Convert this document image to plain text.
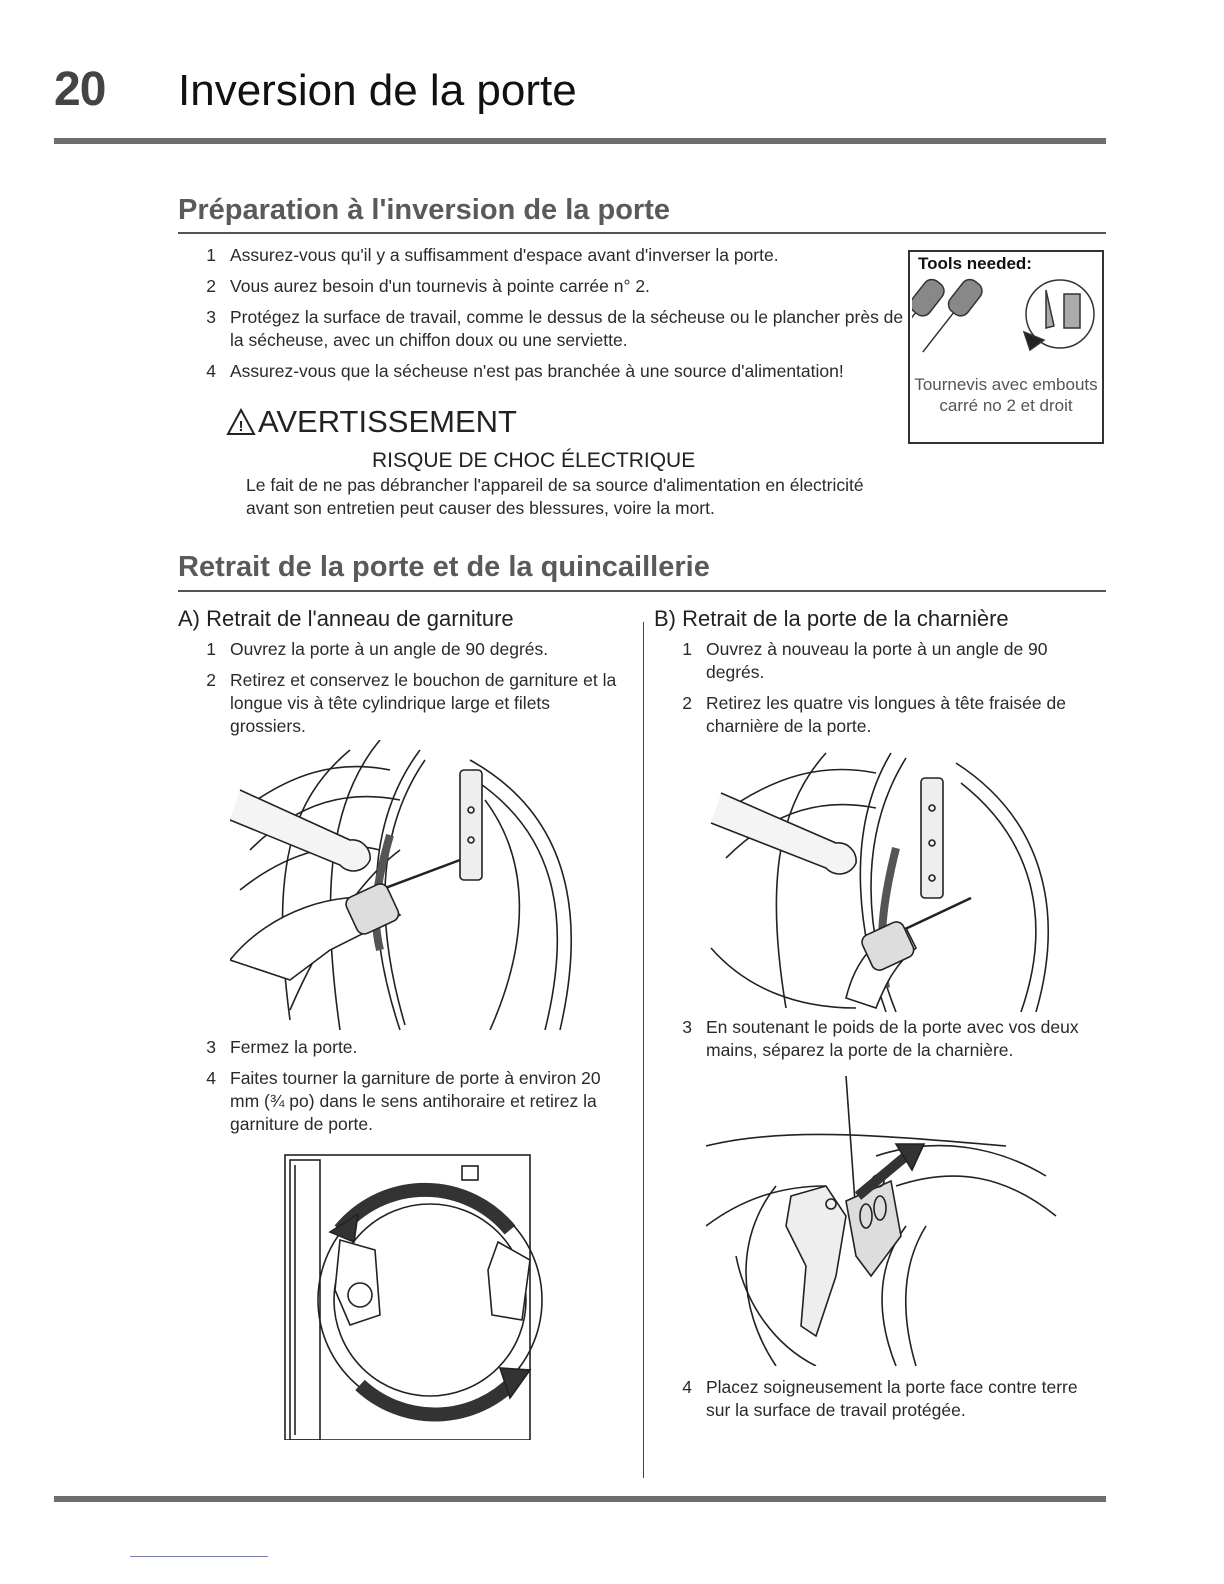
20 Inversion de la porte
Préparation à l'inversion de la porte
1 Assurez-vous qu'il y a suffisamment d'espace avant d'inverser la porte.
2 Vous aurez besoin d'un tournevis à pointe carrée n° 2.
3 Protégez la surface de travail, comme le dessus de la sécheuse ou le plancher près de la sécheuse, avec un chiffon doux ou une serviette.
4 Assurez-vous que la sécheuse n'est pas branchée à une source d'alimentation!
Tools needed:
Tournevis avec embouts carré no 2 et droit
! AVERTISSEMENT
RISQUE DE CHOC ÉLECTRIQUE
Le fait de ne pas débrancher l'appareil de sa source d'alimentation en électricité avant son entretien peut causer des blessures, voire la mort.
Retrait de la porte et de la quincaillerie
A) Retrait de l'anneau de garniture
1 Ouvrez la porte à un angle de 90 degrés.
2 Retirez et conservez le bouchon de garniture et la longue vis à tête cylindrique large et filets grossiers.
3 Fermez la porte.
4 Faites tourner la garniture de porte à environ 20 mm (¾ po) dans le sens antihoraire et retirez la garniture de porte.
B) Retrait de la porte de la charnière
1 Ouvrez à nouveau la porte à un angle de 90 degrés.
2 Retirez les quatre vis longues à tête fraisée de charnière de la porte.
3 En soutenant le poids de la porte avec vos deux mains, séparez la porte de la charnière.
4 Placez soigneusement la porte face contre terre sur la surface de travail protégée.
